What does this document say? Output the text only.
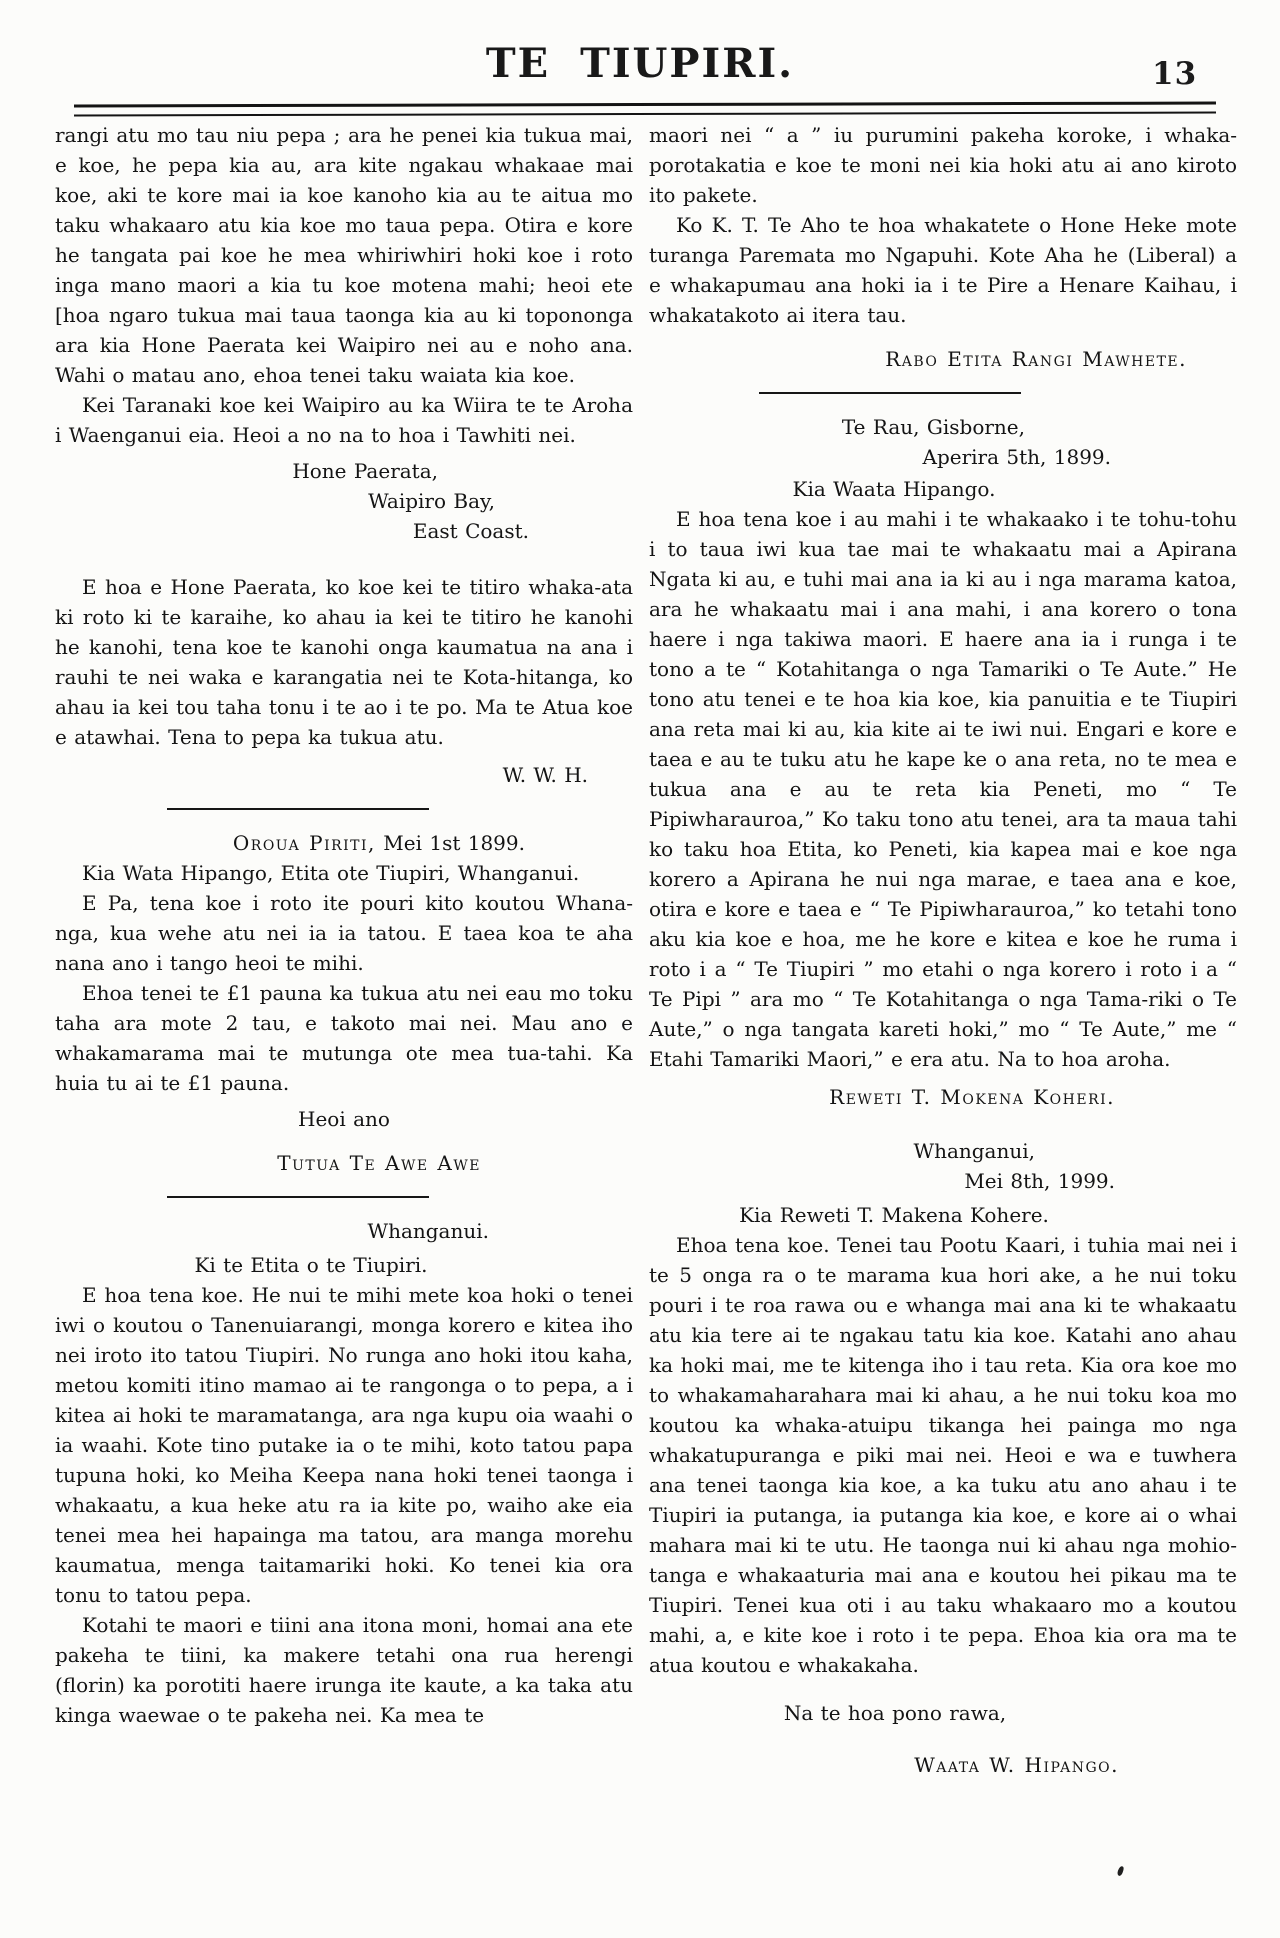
TE TIUPIRI.	13

rangi atu mo tau niu pepa ; ara he penei kia tukua mai, e koe, he pepa kia au, ara kite ngakau whakaae mai koe, aki te kore mai ia koe kanoho kia au te aitua mo taku whakaaro atu kia koe mo taua pepa. Otira e kore he tangata pai koe he mea whiriwhiri hoki koe i roto inga mano maori a kia tu koe motena mahi; heoi ete [hoa ngaro tukua mai taua taonga kia au ki topononga ara kia Hone Paerata kei Waipiro nei au e noho ana. Wahi o matau ano, ehoa tenei taku waiata kia koe.

Kei Taranaki koe kei Waipiro au ka Wiira te te Aroha i Waenganui eia. Heoi a no na to hoa i Tawhiti nei.

Hone Paerata,

Waipiro Bay,

East Coast.

E hoa e Hone Paerata, ko koe kei te titiro whaka-ata ki roto ki te karaihe, ko ahau ia kei te titiro he kanohi he kanohi, tena koe te kanohi onga kaumatua na ana i rauhi te nei waka e karangatia nei te Kota-hitanga, ko ahau ia kei tou taha tonu i te ao i te po. Ma te Atua koe e atawhai. Tena to pepa ka tukua atu.

W. W. H.

Oroua Piriti, Mei 1st 1899.

Kia Wata Hipango, Etita ote Tiupiri, Whanganui.

E Pa, tena koe i roto ite pouri kito koutou Whana-nga, kua wehe atu nei ia ia tatou. E taea koa te aha nana ano i tango heoi te mihi.

Ehoa tenei te £1 pauna ka tukua atu nei eau mo toku taha ara mote 2 tau, e takoto mai nei. Mau ano e whakamarama mai te mutunga ote mea tua-tahi. Ka huia tu ai te £1 pauna.

Heoi ano

Tutua Te Awe Awe

Whanganui.

Ki te Etita o te Tiupiri.

E hoa tena koe. He nui te mihi mete koa hoki o tenei iwi o koutou o Tanenuiarangi, monga korero e kitea iho nei iroto ito tatou Tiupiri. No runga ano hoki itou kaha, metou komiti itino mamao ai te rangonga o to pepa, a i kitea ai hoki te maramatanga, ara nga kupu oia waahi o ia waahi. Kote tino putake ia o te mihi, koto tatou papa tupuna hoki, ko Meiha Keepa nana hoki tenei taonga i whakaatu, a kua heke atu ra ia kite po, waiho ake eia tenei mea hei hapainga ma tatou, ara manga morehu kaumatua, menga taitamariki hoki. Ko tenei kia ora tonu to tatou pepa.

Kotahi te maori e tiini ana itona moni, homai ana ete pakeha te tiini, ka makere tetahi ona rua herengi (florin) ka porotiti haere irunga ite kaute, a ka taka atu kinga waewae o te pakeha nei. Ka mea te

maori nei “ a ” iu purumini pakeha koroke, i whaka-porotakatia e koe te moni nei kia hoki atu ai ano kiroto ito pakete.

Ko K. T. Te Aho te hoa whakatete o Hone Heke mote turanga Paremata mo Ngapuhi. Kote Aha he (Liberal) a e whakapumau ana hoki ia i te Pire a Henare Kaihau, i whakatakoto ai itera tau.

Rabo Etita Rangi Mawhete.

Te Rau, Gisborne,

Aperira 5th, 1899.

Kia Waata Hipango.

E hoa tena koe i au mahi i te whakaako i te tohu-tohu i to taua iwi kua tae mai te whakaatu mai a Apirana Ngata ki au, e tuhi mai ana ia ki au i nga marama katoa, ara he whakaatu mai i ana mahi, i ana korero o tona haere i nga takiwa maori. E haere ana ia i runga i te tono a te “ Kotahitanga o nga Tamariki o Te Aute.” He tono atu tenei e te hoa kia koe, kia panuitia e te Tiupiri ana reta mai ki au, kia kite ai te iwi nui. Engari e kore e taea e au te tuku atu he kape ke o ana reta, no te mea e tukua ana e au te reta kia Peneti, mo “ Te Pipiwharauroa,” Ko taku tono atu tenei, ara ta maua tahi ko taku hoa Etita, ko Peneti, kia kapea mai e koe nga korero a Apirana he nui nga marae, e taea ana e koe, otira e kore e taea e “ Te Pipiwharauroa,” ko tetahi tono aku kia koe e hoa, me he kore e kitea e koe he ruma i roto i a “ Te Tiupiri ” mo etahi o nga korero i roto i a “ Te Pipi ” ara mo “ Te Kotahitanga o nga Tama-riki o Te Aute,” o nga tangata kareti hoki,” mo “ Te Aute,” me “ Etahi Tamariki Maori,” e era atu. Na to hoa aroha.

Reweti T. Mokena Koheri.

Whanganui,

Mei 8th, 1999.

Kia Reweti T. Makena Kohere.

Ehoa tena koe. Tenei tau Pootu Kaari, i tuhia mai nei i te 5 onga ra o te marama kua hori ake, a he nui toku pouri i te roa rawa ou e whanga mai ana ki te whakaatu atu kia tere ai te ngakau tatu kia koe. Katahi ano ahau ka hoki mai, me te kitenga iho i tau reta. Kia ora koe mo to whakamaharahara mai ki ahau, a he nui toku koa mo koutou ka whaka-atuipu tikanga hei painga mo nga whakatupuranga e piki mai nei. Heoi e wa e tuwhera ana tenei taonga kia koe, a ka tuku atu ano ahau i te Tiupiri ia putanga, ia putanga kia koe, e kore ai o whai mahara mai ki te utu. He taonga nui ki ahau nga mohio-tanga e whakaaturia mai ana e koutou hei pikau ma te Tiupiri. Tenei kua oti i au taku whakaaro mo a koutou mahi, a, e kite koe i roto i te pepa. Ehoa kia ora ma te atua koutou e whakakaha.

Na te hoa pono rawa,

Waata W. Hipango.
